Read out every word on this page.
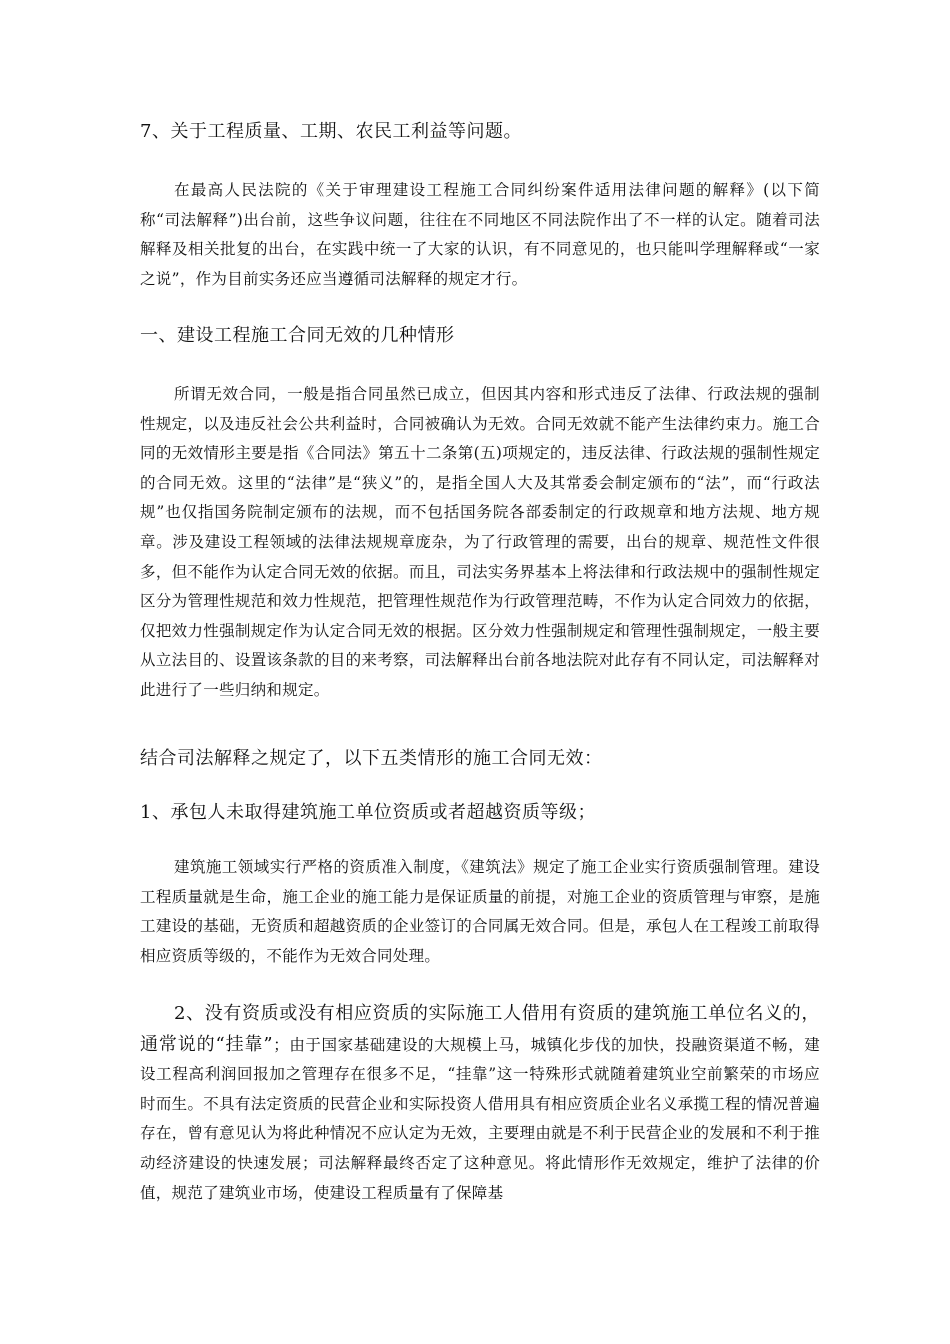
7、关于工程质量、工期、农民工利益等问题。

在最高人民法院的《关于审理建设工程施工合同纠纷案件适用法律问题的解释》(以下简称“司法解释”)出台前，这些争议问题，往往在不同地区不同法院作出了不一样的认定。随着司法解释及相关批复的出台，在实践中统一了大家的认识，有不同意见的，也只能叫学理解释或“一家之说”，作为目前实务还应当遵循司法解释的规定才行。

一、建设工程施工合同无效的几种情形

所谓无效合同，一般是指合同虽然已成立，但因其内容和形式违反了法律、行政法规的强制性规定，以及违反社会公共利益时，合同被确认为无效。合同无效就不能产生法律约束力。施工合同的无效情形主要是指《合同法》第五十二条第(五)项规定的，违反法律、行政法规的强制性规定的合同无效。这里的“法律”是“狭义”的，是指全国人大及其常委会制定颁布的“法”，而“行政法规”也仅指国务院制定颁布的法规，而不包括国务院各部委制定的行政规章和地方法规、地方规章。涉及建设工程领域的法律法规规章庞杂，为了行政管理的需要，出台的规章、规范性文件很多，但不能作为认定合同无效的依据。而且，司法实务界基本上将法律和行政法规中的强制性规定区分为管理性规范和效力性规范，把管理性规范作为行政管理范畴，不作为认定合同效力的依据，仅把效力性强制规定作为认定合同无效的根据。区分效力性强制规定和管理性强制规定，一般主要从立法目的、设置该条款的目的来考察，司法解释出台前各地法院对此存有不同认定，司法解释对此进行了一些归纳和规定。

结合司法解释之规定了，以下五类情形的施工合同无效：

1、承包人未取得建筑施工单位资质或者超越资质等级；

建筑施工领域实行严格的资质准入制度，《建筑法》规定了施工企业实行资质强制管理。建设工程质量就是生命，施工企业的施工能力是保证质量的前提，对施工企业的资质管理与审察，是施工建设的基础，无资质和超越资质的企业签订的合同属无效合同。但是，承包人在工程竣工前取得相应资质等级的，不能作为无效合同处理。

2、没有资质或没有相应资质的实际施工人借用有资质的建筑施工单位名义的，通常说的“挂靠”；由于国家基础建设的大规模上马，城镇化步伐的加快，投融资渠道不畅，建设工程高利润回报加之管理存在很多不足，“挂靠”这一特殊形式就随着建筑业空前繁荣的市场应时而生。不具有法定资质的民营企业和实际投资人借用具有相应资质企业名义承揽工程的情况普遍存在，曾有意见认为将此种情况不应认定为无效，主要理由就是不利于民营企业的发展和不利于推动经济建设的快速发展；司法解释最终否定了这种意见。将此情形作无效规定，维护了法律的价值，规范了建筑业市场，使建设工程质量有了保障基
